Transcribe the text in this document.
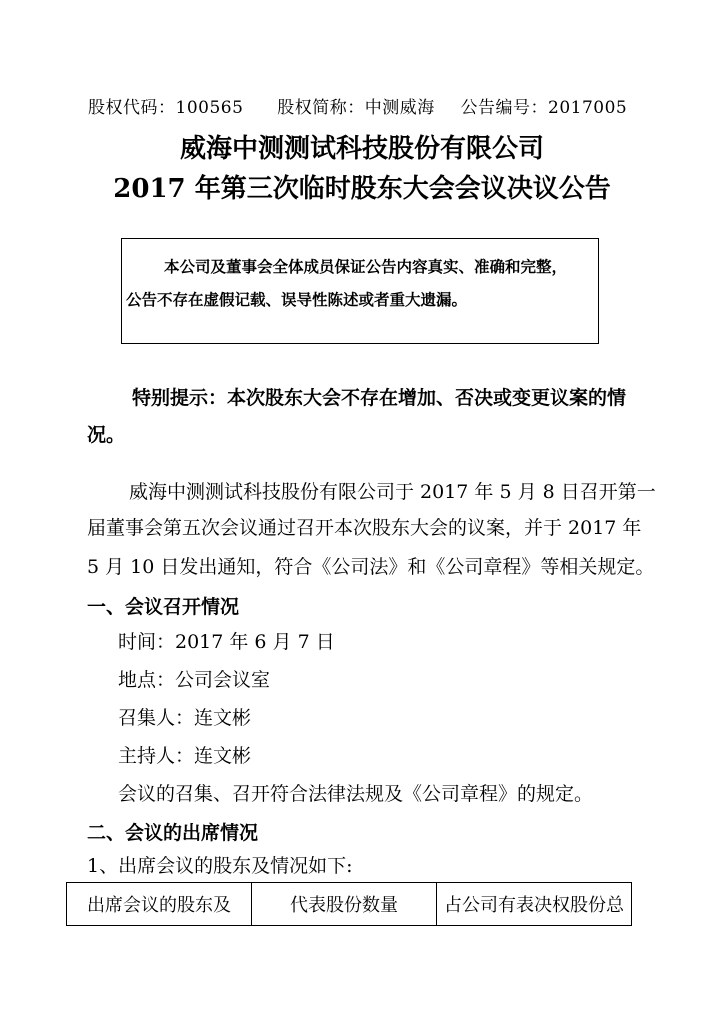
股权代码：100565 股权简称：中测威海 公告编号：2017005
威海中测测试科技股份有限公司
2017 年第三次临时股东大会会议决议公告
本公司及董事会全体成员保证公告内容真实、准确和完整，
公告不存在虚假记载、误导性陈述或者重大遗漏。
特别提示：本次股东大会不存在增加、否决或变更议案的情
况。
威海中测测试科技股份有限公司于 2017 年 5 月 8 日召开第一
届董事会第五次会议通过召开本次股东大会的议案，并于 2017 年
5 月 10 日发出通知，符合《公司法》和《公司章程》等相关规定。
一、会议召开情况
时间：2017 年 6 月 7 日
地点：公司会议室
召集人：连文彬
主持人：连文彬
会议的召集、召开符合法律法规及《公司章程》的规定。
二、会议的出席情况
1、出席会议的股东及情况如下:
出席会议的股东及	代表股份数量	占公司有表决权股份总
